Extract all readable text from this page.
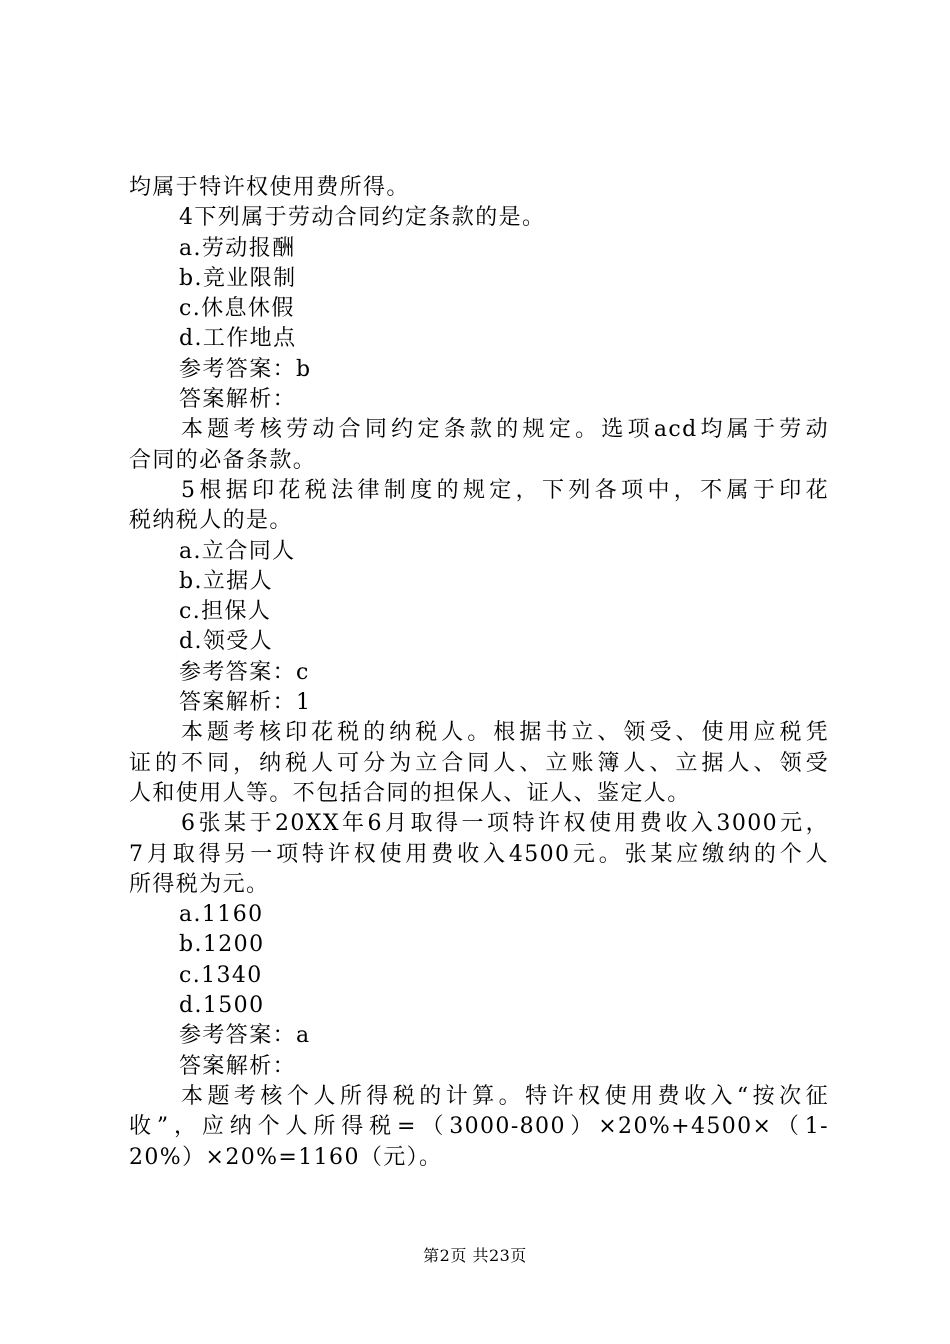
均属于特许权使用费所得。
4下列属于劳动合同约定条款的是。
a.劳动报酬
b.竞业限制
c.休息休假
d.工作地点
参考答案：b
答案解析：
本题考核劳动合同约定条款的规定。选项acd均属于劳动
合同的必备条款。
5根据印花税法律制度的规定，下列各项中，不属于印花
税纳税人的是。
a.立合同人
b.立据人
c.担保人
d.领受人
参考答案：c
答案解析：1
本题考核印花税的纳税人。根据书立、领受、使用应税凭
证的不同，纳税人可分为立合同人、立账簿人、立据人、领受
人和使用人等。不包括合同的担保人、证人、鉴定人。
6张某于20XX年6月取得一项特许权使用费收入3000元，
7月取得另一项特许权使用费收入4500元。张某应缴纳的个人
所得税为元。
a.1160
b.1200
c.1340
d.1500
参考答案：a
答案解析：
本题考核个人所得税的计算。特许权使用费收入“按次征
收”，应纳个人所得税=（3000-800）×20%+4500×（1-
20%）×20%=1160（元）。
第2页 共23页
